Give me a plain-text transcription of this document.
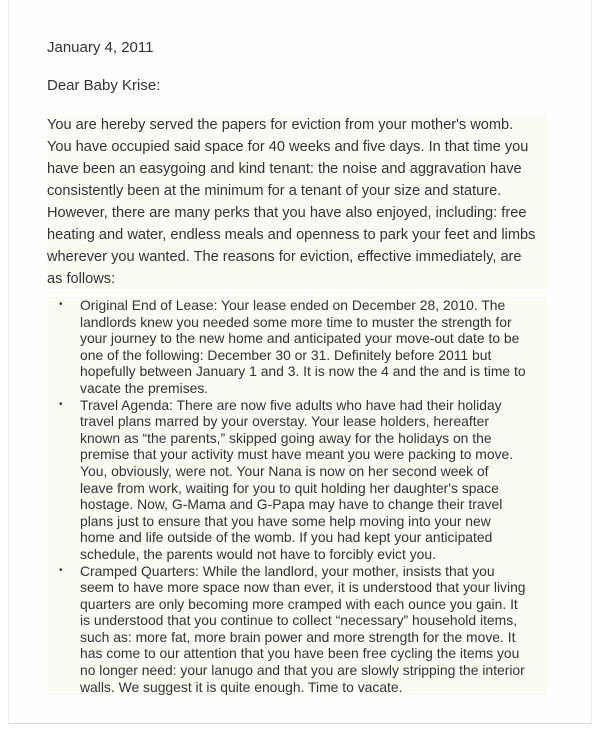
January 4, 2011
Dear Baby Krise:
You are hereby served the papers for eviction from your mother's womb.
You have occupied said space for 40 weeks and five days. In that time you
have been an easygoing and kind tenant: the noise and aggravation have
consistently been at the minimum for a tenant of your size and stature.
However, there are many perks that you have also enjoyed, including: free
heating and water, endless meals and openness to park your feet and limbs
wherever you wanted. The reasons for eviction, effective immediately, are
as follows:
• Original End of Lease: Your lease ended on December 28, 2010. The
landlords knew you needed some more time to muster the strength for
your journey to the new home and anticipated your move-out date to be
one of the following: December 30 or 31. Definitely before 2011 but
hopefully between January 1 and 3. It is now the 4 and the and is time to
vacate the premises.
• Travel Agenda: There are now five adults who have had their holiday
travel plans marred by your overstay. Your lease holders, hereafter
known as “the parents,” skipped going away for the holidays on the
premise that your activity must have meant you were packing to move.
You, obviously, were not. Your Nana is now on her second week of
leave from work, waiting for you to quit holding her daughter's space
hostage. Now, G-Mama and G-Papa may have to change their travel
plans just to ensure that you have some help moving into your new
home and life outside of the womb. If you had kept your anticipated
schedule, the parents would not have to forcibly evict you.
• Cramped Quarters: While the landlord, your mother, insists that you
seem to have more space now than ever, it is understood that your living
quarters are only becoming more cramped with each ounce you gain. It
is understood that you continue to collect “necessary” household items,
such as: more fat, more brain power and more strength for the move. It
has come to our attention that you have been free cycling the items you
no longer need: your lanugo and that you are slowly stripping the interior
walls. We suggest it is quite enough. Time to vacate.
